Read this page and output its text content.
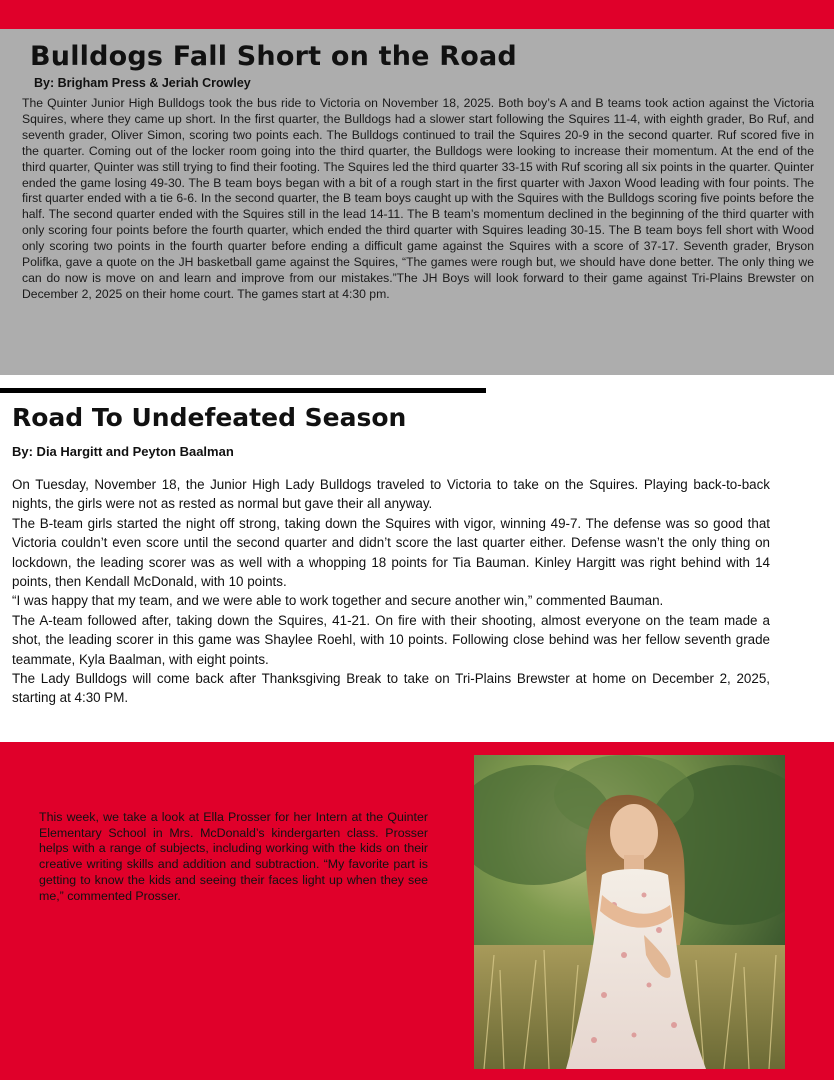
Bulldogs Fall Short on the Road
By: Brigham Press & Jeriah Crowley

The Quinter Junior High Bulldogs took the bus ride to Victoria on November 18, 2025. Both boy’s A and B teams took action against the Victoria Squires, where they came up short. In the first quarter, the Bulldogs had a slower start following the Squires 11-4, with eighth grader, Bo Ruf, and seventh grader, Oliver Simon, scoring two points each. The Bulldogs continued to trail the Squires 20-9 in the second quarter. Ruf scored five in the quarter. Coming out of the locker room going into the third quarter, the Bulldogs were looking to increase their momentum. At the end of the third quarter, Quinter was still trying to find their footing. The Squires led the third quarter 33-15 with Ruf scoring all six points in the quarter. Quinter ended the game losing 49-30. The B team boys began with a bit of a rough start in the first quarter with Jaxon Wood leading with four points. The first quarter ended with a tie 6-6. In the second quarter, the B team boys caught up with the Squires with the Bulldogs scoring five points before the half. The second quarter ended with the Squires still in the lead 14-11. The B team’s momentum declined in the beginning of the third quarter with only scoring four points before the fourth quarter, which ended the third quarter with Squires leading 30-15. The B team boys fell short with Wood only scoring two points in the fourth quarter before ending a difficult game against the Squires with a score of 37-17. Seventh grader, Bryson Polifka, gave a quote on the JH basketball game against the Squires, “The games were rough but, we should have done better. The only thing we can do now is move on and learn and improve from our mistakes.”The JH Boys will look forward to their game against Tri-Plains Brewster on December 2, 2025 on their home court. The games start at 4:30 pm.

Road To Undefeated Season
By: Dia Hargitt and Peyton Baalman

On Tuesday, November 18, the Junior High Lady Bulldogs traveled to Victoria to take on the Squires. Playing back-to-back nights, the girls were not as rested as normal but gave their all anyway.

The B-team girls started the night off strong, taking down the Squires with vigor, winning 49-7. The defense was so good that Victoria couldn’t even score until the second quarter and didn’t score the last quarter either. Defense wasn’t the only thing on lockdown, the leading scorer was as well with a whopping 18 points for Tia Bauman. Kinley Hargitt was right behind with 14 points, then Kendall McDonald, with 10 points.

“I was happy that my team, and we were able to work together and secure another win,” commented Bauman.

The A-team followed after, taking down the Squires, 41-21. On fire with their shooting, almost everyone on the team made a shot, the leading scorer in this game was Shaylee Roehl, with 10 points. Following close behind was her fellow seventh grade teammate, Kyla Baalman, with eight points.

The Lady Bulldogs will come back after Thanksgiving Break to take on Tri-Plains Brewster at home on December 2, 2025, starting at 4:30 PM.

This week, we take a look at Ella Prosser for her Intern at the Quinter Elementary School in Mrs. McDonald’s kindergarten class. Prosser helps with a range of subjects, including working with the kids on their creative writing skills and addition and subtraction. “My favorite part is getting to know the kids and seeing their faces light up when they see me,” commented Prosser.
